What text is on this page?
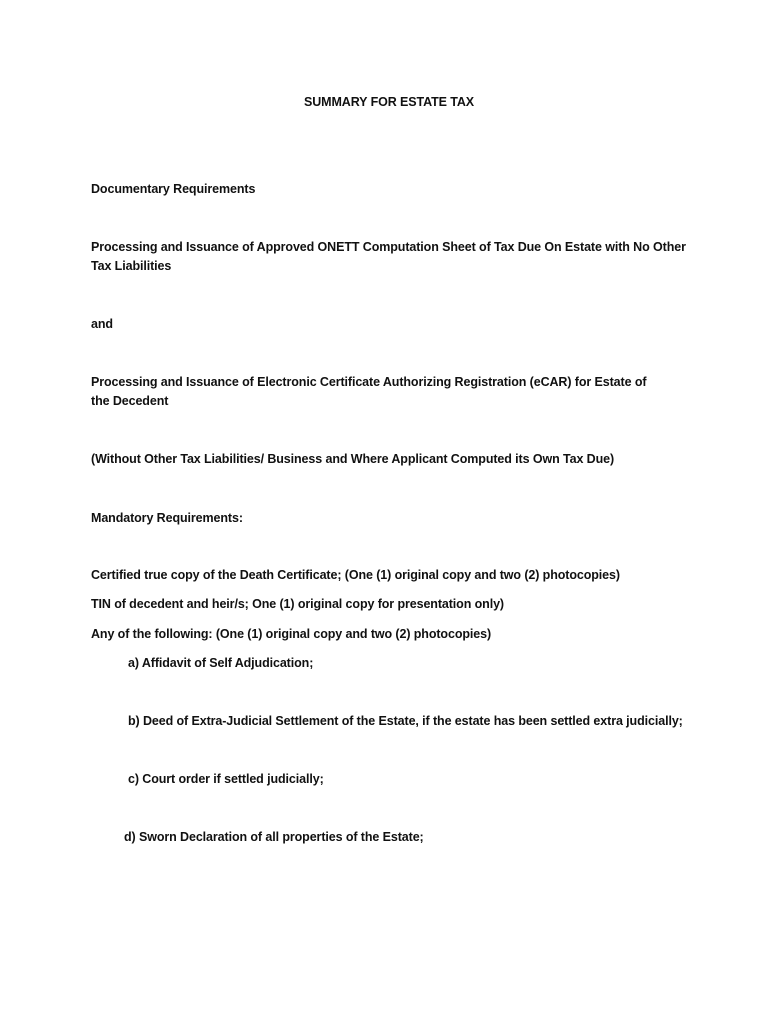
SUMMARY FOR ESTATE TAX
Documentary Requirements
Processing and Issuance of Approved ONETT Computation Sheet of Tax Due On Estate with No Other Tax Liabilities
and
Processing and Issuance of Electronic Certificate Authorizing Registration (eCAR) for Estate of the Decedent
(Without Other Tax Liabilities/ Business and Where Applicant Computed its Own Tax Due)
Mandatory Requirements:
Certified true copy of the Death Certificate; (One (1) original copy and two (2) photocopies)
TIN of decedent and heir/s; One (1) original copy for presentation only)
Any of the following: (One (1) original copy and two (2) photocopies)
a) Affidavit of Self Adjudication;
b) Deed of Extra-Judicial Settlement of the Estate, if the estate has been settled extra judicially;
c) Court order if settled judicially;
d) Sworn Declaration of all properties of the Estate;
